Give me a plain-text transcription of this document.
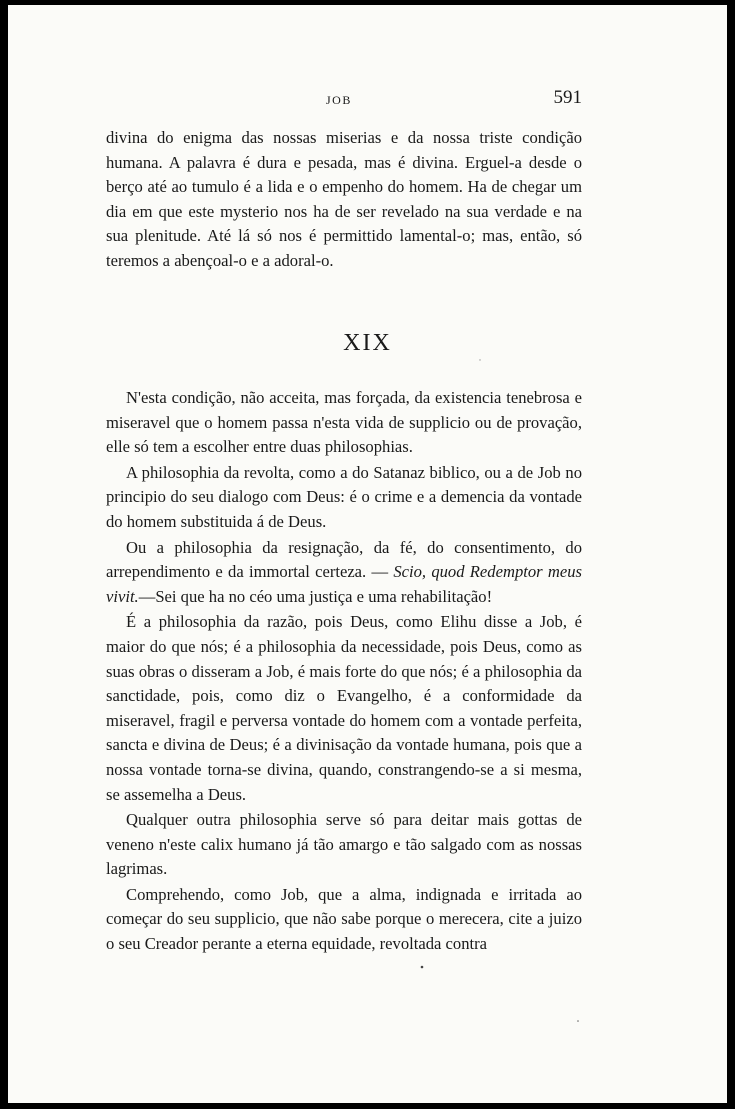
JOB	591

divina do enigma das nossas miserias e da nossa triste condição humana. A palavra é dura e pesada, mas é divina. Erguel-a desde o berço até ao tumulo é a lida e o empenho do homem. Ha de chegar um dia em que este mysterio nos ha de ser revelado na sua verdade e na sua plenitude. Até lá só nos é permittido lamental-o; mas, então, só teremos a abençoal-o e a adoral-o.

XIX

N'esta condição, não acceita, mas forçada, da existencia tenebrosa e miseravel que o homem passa n'esta vida de supplicio ou de provação, elle só tem a escolher entre duas philosophias.

A philosophia da revolta, como a do Satanaz biblico, ou a de Job no principio do seu dialogo com Deus: é o crime e a demencia da vontade do homem substituida á de Deus.

Ou a philosophia da resignação, da fé, do consentimento, do arrependimento e da immortal certeza. — Scio, quod Redemptor meus vivit.—Sei que ha no céo uma justiça e uma rehabilitação!

É a philosophia da razão, pois Deus, como Elihu disse a Job, é maior do que nós; é a philosophia da necessidade, pois Deus, como as suas obras o disseram a Job, é mais forte do que nós; é a philosophia da sanctidade, pois, como diz o Evangelho, é a conformidade da miseravel, fragil e perversa vontade do homem com a vontade perfeita, sancta e divina de Deus; é a divinisação da vontade humana, pois que a nossa vontade torna-se divina, quando, constrangendo-se a si mesma, se assemelha a Deus.

Qualquer outra philosophia serve só para deitar mais gottas de veneno n'este calix humano já tão amargo e tão salgado com as nossas lagrimas.

Comprehendo, como Job, que a alma, indignada e irritada ao começar do seu supplicio, que não sabe porque o merecera, cite a juizo o seu Creador perante a eterna equidade, revoltada contra
